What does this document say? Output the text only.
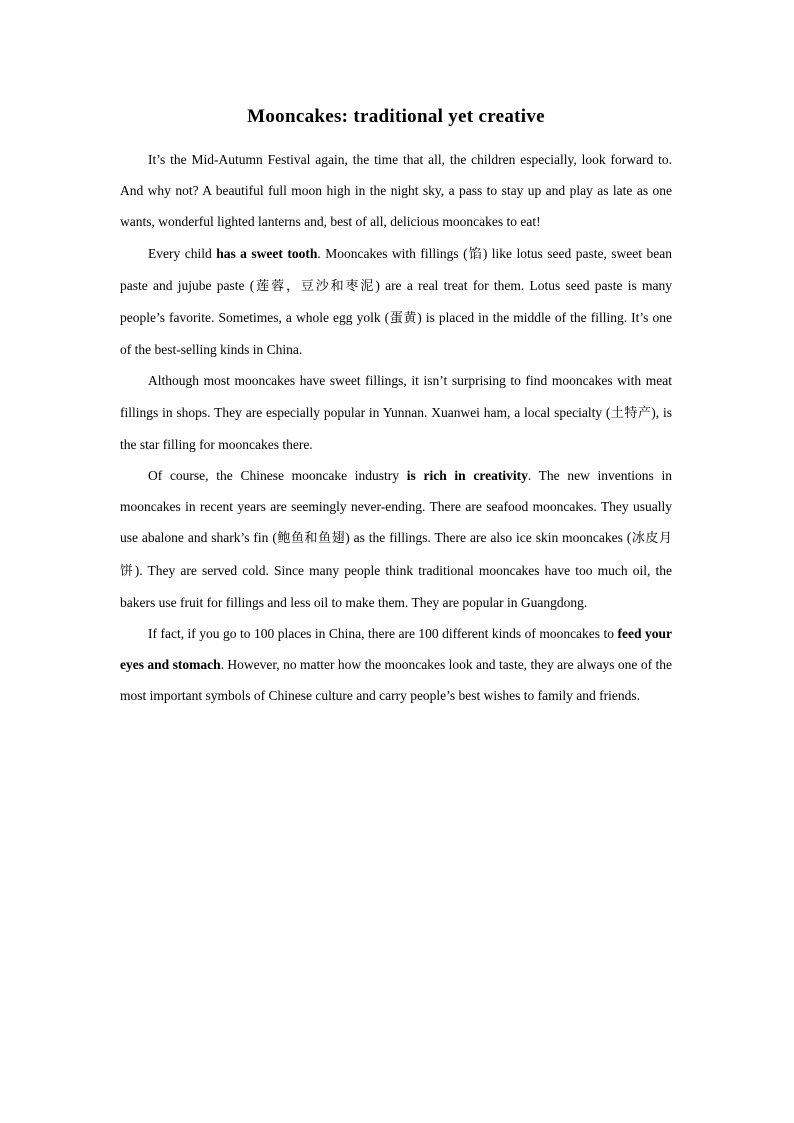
Mooncakes: traditional yet creative

It’s the Mid-Autumn Festival again, the time that all, the children especially, look forward to. And why not? A beautiful full moon high in the night sky, a pass to stay up and play as late as one wants, wonderful lighted lanterns and, best of all, delicious mooncakes to eat!

Every child has a sweet tooth. Mooncakes with fillings (馅) like lotus seed paste, sweet bean paste and jujube paste (莲蓉，豆沙和枣泥) are a real treat for them. Lotus seed paste is many people’s favorite. Sometimes, a whole egg yolk (蛋黄) is placed in the middle of the filling. It’s one of the best-selling kinds in China.

Although most mooncakes have sweet fillings, it isn’t surprising to find mooncakes with meat fillings in shops. They are especially popular in Yunnan. Xuanwei ham, a local specialty (土特产), is the star filling for mooncakes there.

Of course, the Chinese mooncake industry is rich in creativity. The new inventions in mooncakes in recent years are seemingly never-ending. There are seafood mooncakes. They usually use abalone and shark’s fin (鲍鱼和鱼翅) as the fillings. There are also ice skin mooncakes (冰皮月饼). They are served cold. Since many people think traditional mooncakes have too much oil, the bakers use fruit for fillings and less oil to make them. They are popular in Guangdong.

If fact, if you go to 100 places in China, there are 100 different kinds of mooncakes to feed your eyes and stomach. However, no matter how the mooncakes look and taste, they are always one of the most important symbols of Chinese culture and carry people’s best wishes to family and friends.
